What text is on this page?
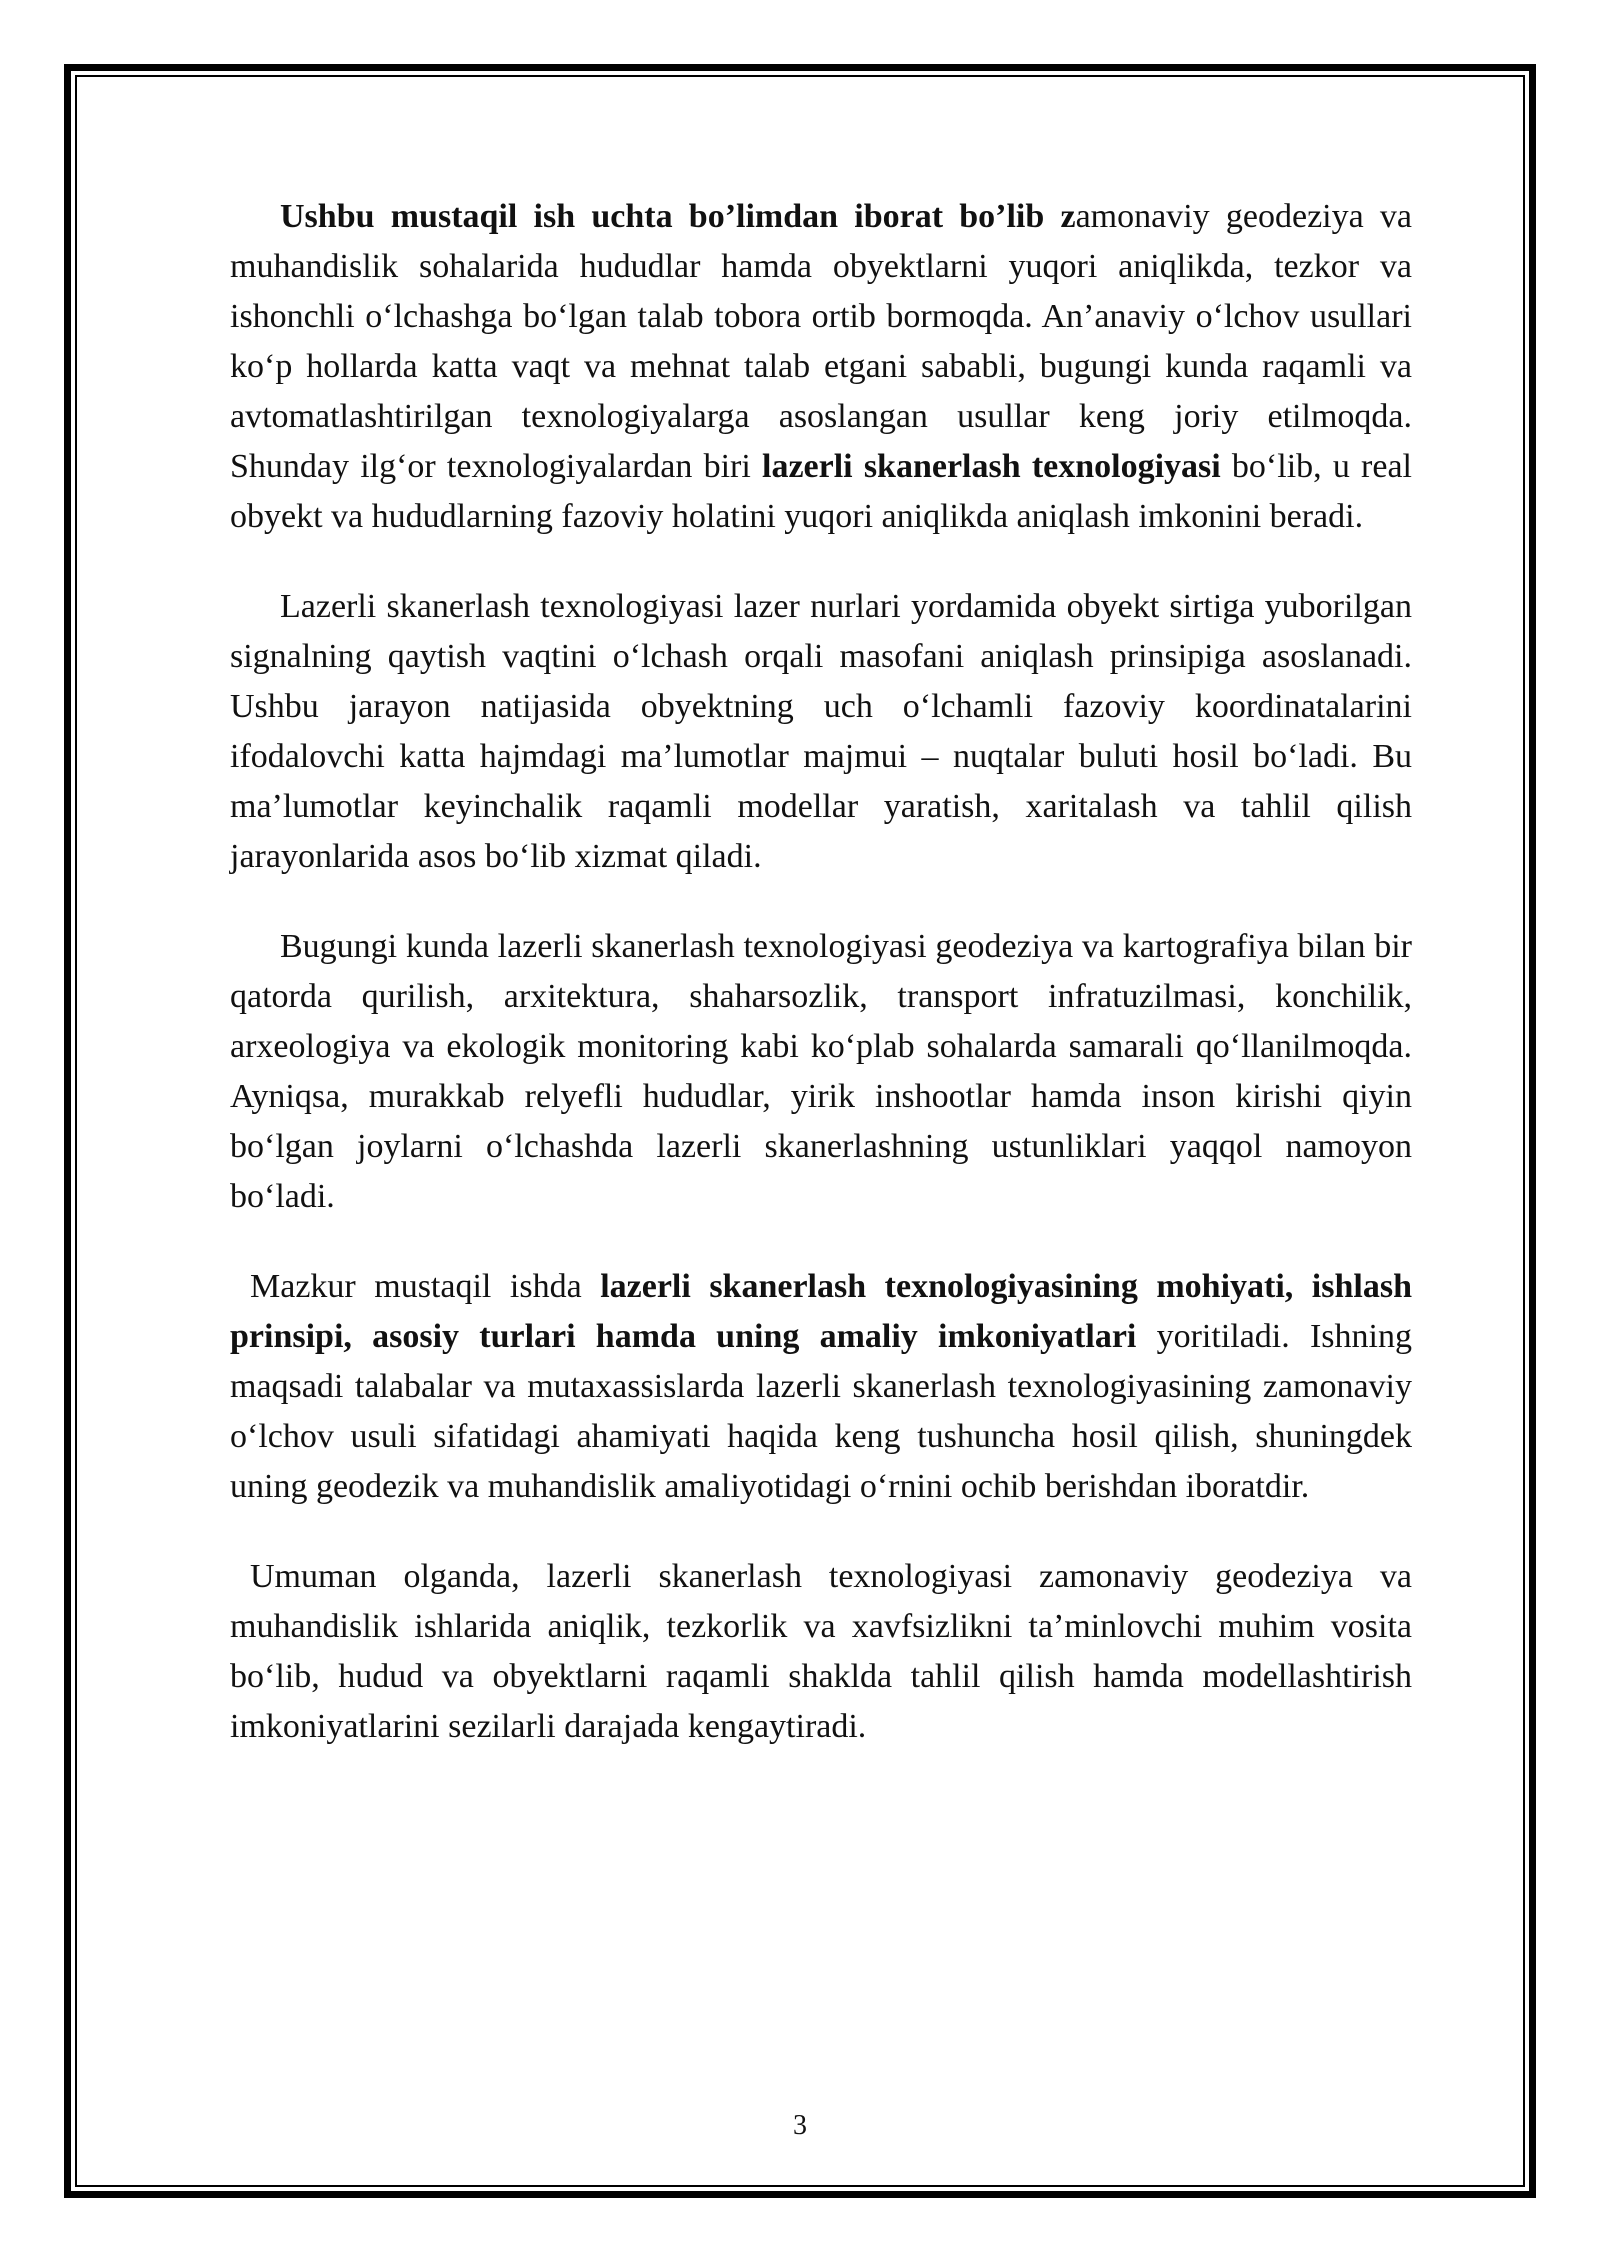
Ushbu mustaqil ish uchta bo’limdan iborat bo’lib zamonaviy geodeziya va muhandislik sohalarida hududlar hamda obyektlarni yuqori aniqlikda, tezkor va ishonchli oʻlchashga boʻlgan talab tobora ortib bormoqda. An’anaviy oʻlchov usullari koʻp hollarda katta vaqt va mehnat talab etgani sababli, bugungi kunda raqamli va avtomatlashtirilgan texnologiyalarga asoslangan usullar keng joriy etilmoqda. Shunday ilgʻor texnologiyalardan biri lazerli skanerlash texnologiyasi boʻlib, u real obyekt va hududlarning fazoviy holatini yuqori aniqlikda aniqlash imkonini beradi.

Lazerli skanerlash texnologiyasi lazer nurlari yordamida obyekt sirtiga yuborilgan signalning qaytish vaqtini oʻlchash orqali masofani aniqlash prinsipiga asoslanadi. Ushbu jarayon natijasida obyektning uch oʻlchamli fazoviy koordinatalarini ifodalovchi katta hajmdagi ma’lumotlar majmui – nuqtalar buluti hosil boʻladi. Bu ma’lumotlar keyinchalik raqamli modellar yaratish, xaritalash va tahlil qilish jarayonlarida asos boʻlib xizmat qiladi.

Bugungi kunda lazerli skanerlash texnologiyasi geodeziya va kartografiya bilan bir qatorda qurilish, arxitektura, shaharsozlik, transport infratuzilmasi, konchilik, arxeologiya va ekologik monitoring kabi koʻplab sohalarda samarali qoʻllanilmoqda. Ayniqsa, murakkab relyefli hududlar, yirik inshootlar hamda inson kirishi qiyin boʻlgan joylarni oʻlchashda lazerli skanerlashning ustunliklari yaqqol namoyon boʻladi.

Mazkur mustaqil ishda lazerli skanerlash texnologiyasining mohiyati, ishlash prinsipi, asosiy turlari hamda uning amaliy imkoniyatlari yoritiladi. Ishning maqsadi talabalar va mutaxassislarda lazerli skanerlash texnologiyasining zamonaviy oʻlchov usuli sifatidagi ahamiyati haqida keng tushuncha hosil qilish, shuningdek uning geodezik va muhandislik amaliyotidagi oʻrnini ochib berishdan iboratdir.

Umuman olganda, lazerli skanerlash texnologiyasi zamonaviy geodeziya va muhandislik ishlarida aniqlik, tezkorlik va xavfsizlikni ta’minlovchi muhim vosita boʻlib, hudud va obyektlarni raqamli shakldа tahlil qilish hamda modellashtirish imkoniyatlarini sezilarli darajada kengaytiradi.

3
